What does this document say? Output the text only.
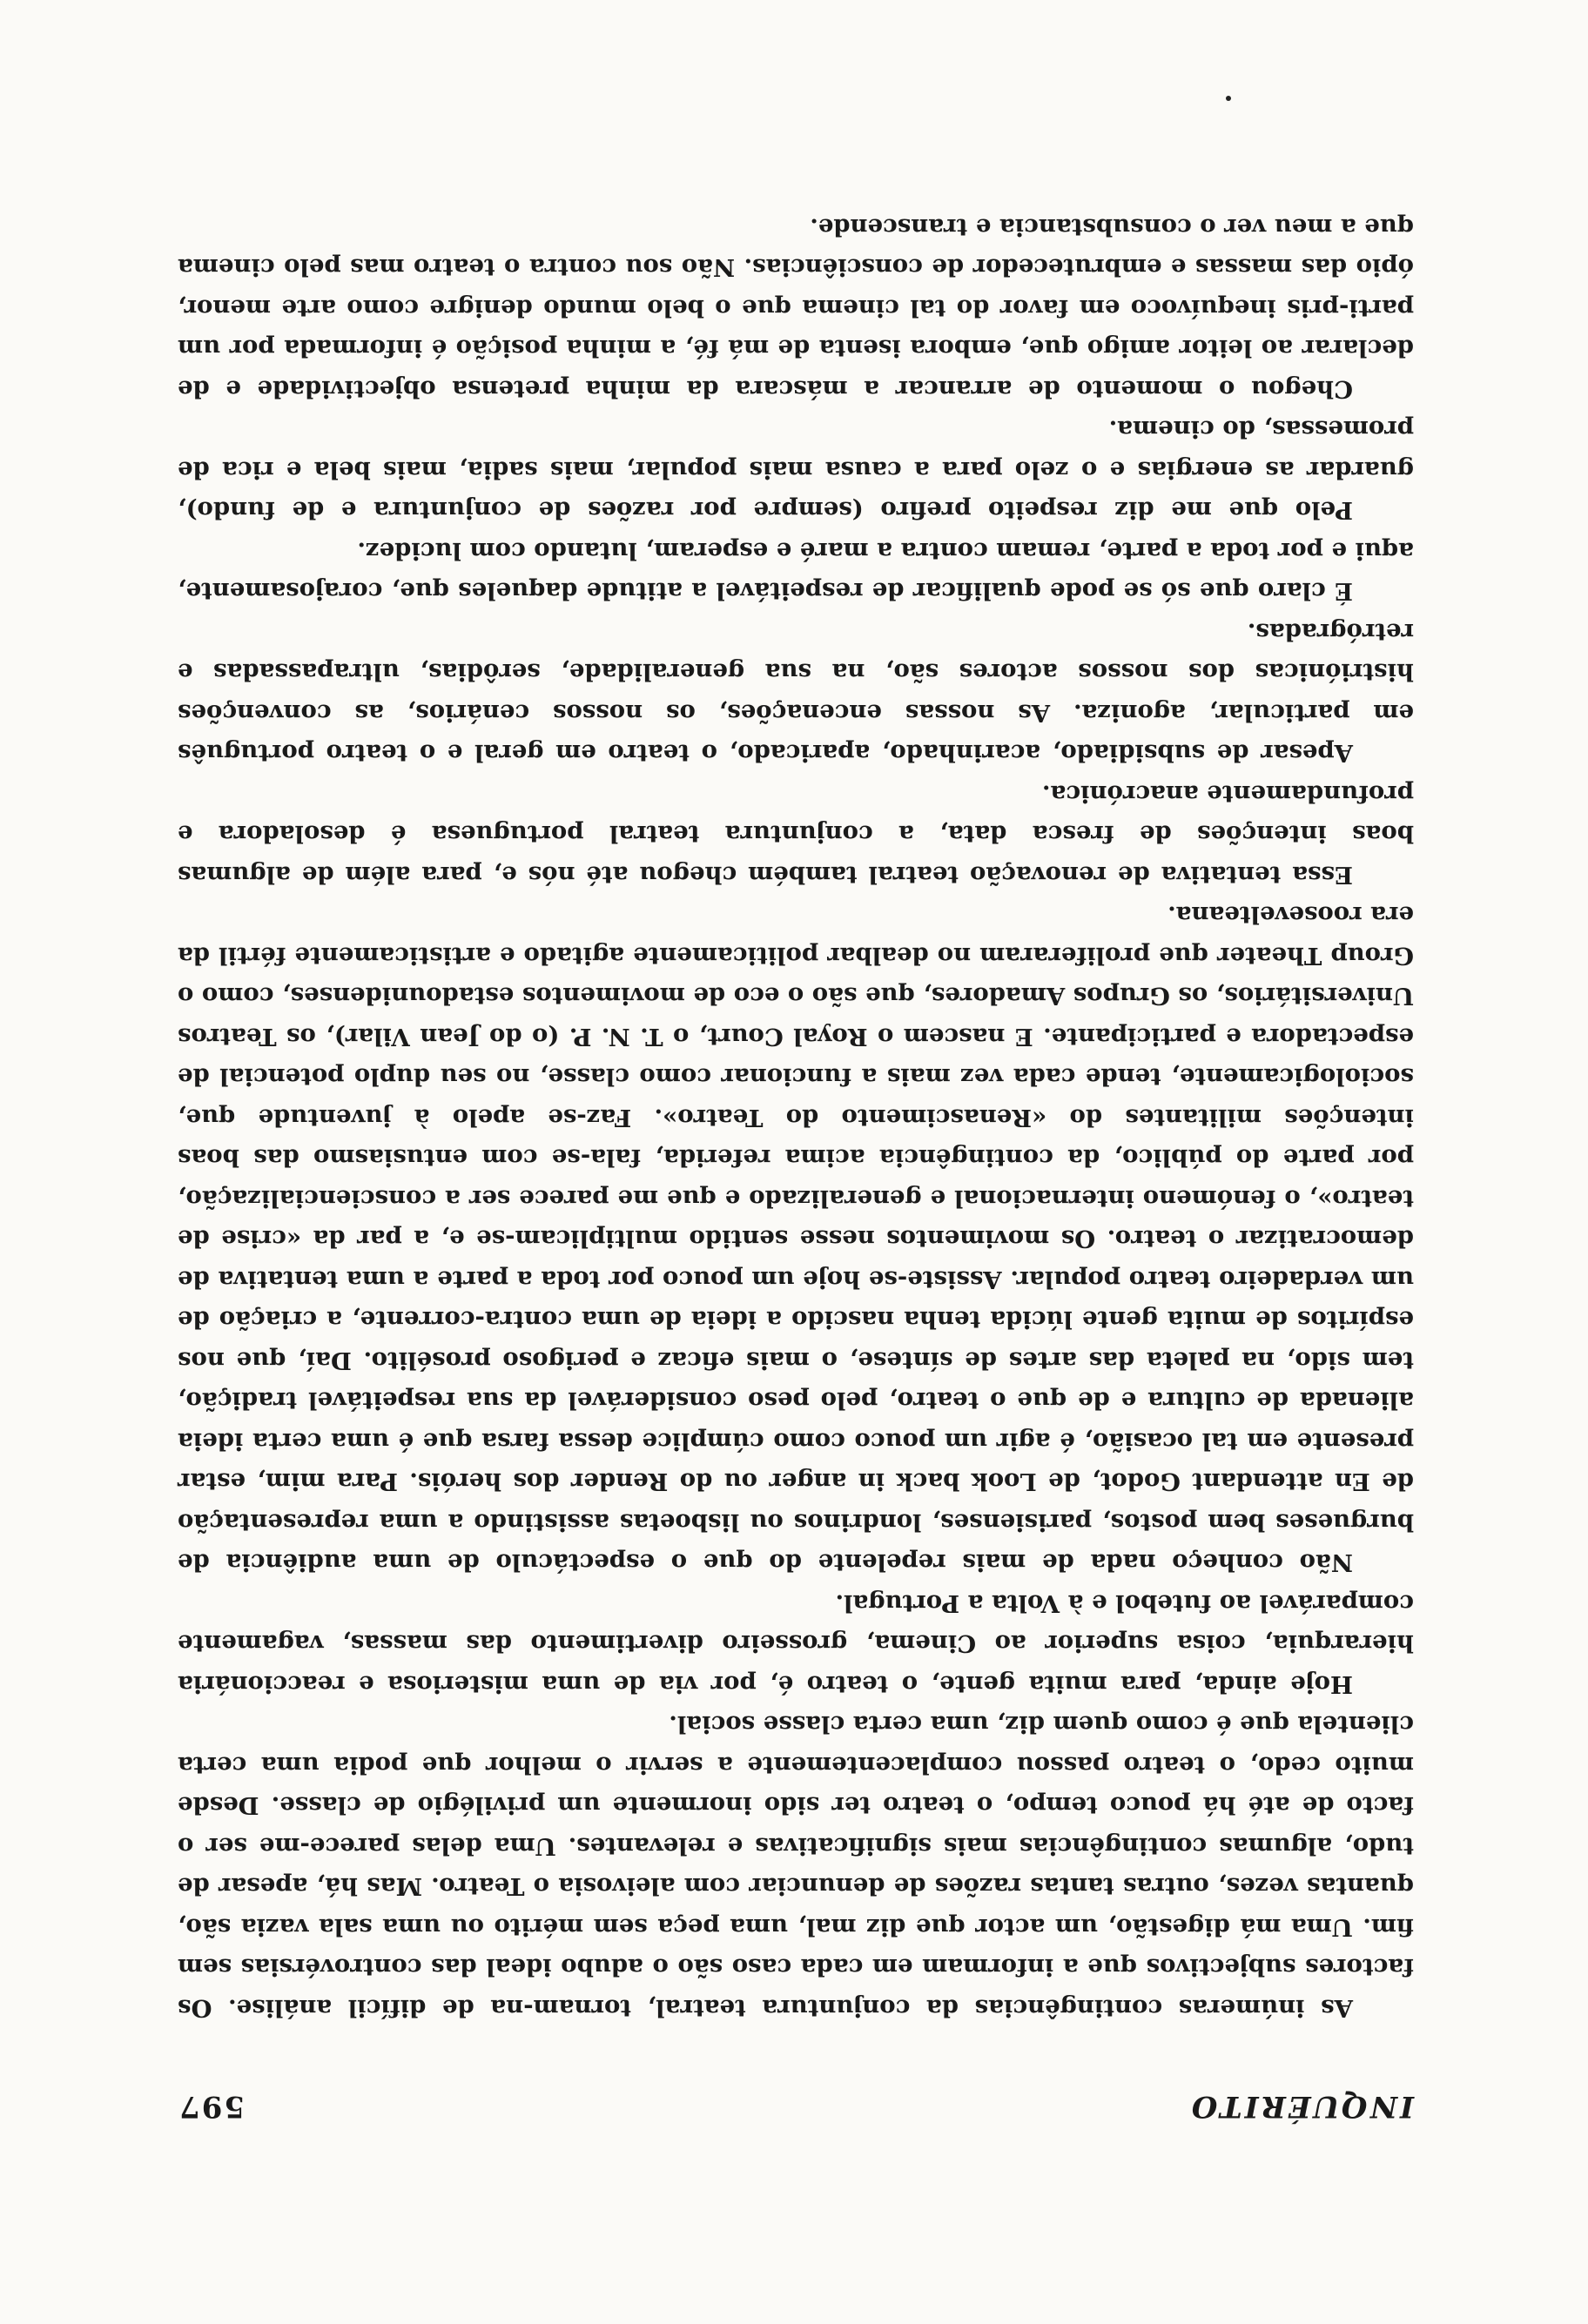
INQUÉRITO
597

As inúmeras contingências da conjuntura teatral, tornam-na de difícil análise. Os factores subjectivos que a informam em cada caso são o adubo ideal das controvérsias sem fim. Uma má digestão, um actor que diz mal, uma peça sem mérito ou uma sala vazia são, quantas vezes, outras tantas razões de denunciar com aleivosia o Teatro. Mas há, apesar de tudo, algumas contingências mais significativas e relevantes. Uma delas parece-me ser o facto de até há pouco tempo, o teatro ter sido inormente um privilégio de classe. Desde muito cedo, o teatro passou complacentemente a servir o melhor que podia uma certa clientela que é como quem diz, uma certa classe social.

Hoje ainda, para muita gente, o teatro é, por via de uma misteriosa e reaccionária hierarquia, coisa superior ao Cinema, grosseiro divertimento das massas, vagamente comparável ao futebol e à Volta a Portugal.

Não conheço nada de mais repelente do que o espectáculo de uma audiência de burgueses bem postos, parisienses, londrinos ou lisboetas assistindo a uma representação de En attendant Godot, de Look back in anger ou do Render dos heróis. Para mim, estar presente em tal ocasião, é agir um pouco como cúmplice dessa farsa que é uma certa ideia alienada de cultura e de que o teatro, pelo peso considerável da sua respeitável tradição, tem sido, na paleta das artes de síntese, o mais eficaz e perigoso prosélito. Daí, que nos espíritos de muita gente lúcida tenha nascido a ideia de uma contra-corrente, a criação de um verdadeiro teatro popular. Assiste-se hoje um pouco por toda a parte a uma tentativa de democratizar o teatro. Os movimentos nesse sentido multiplicam-se e, a par da «crise de teatro», o fenómeno internacional e generalizado e que me parece ser a consciencialização, por parte do público, da contingência acima referida, fala-se com entusiasmo das boas intenções militantes do «Renascimento do Teatro». Faz-se apelo à juventude que, sociologicamente, tende cada vez mais a funcionar como classe, no seu duplo potencial de espectadora e participante. E nascem o Royal Court, o T. N. P. (o do Jean Vilar), os Teatros Universitários, os Grupos Amadores, que são o eco de movimentos estadounidenses, como o Group Theater que proliferaram no dealbar politicamente agitado e artisticamente fértil da era roosevelteana.

Essa tentativa de renovação teatral também chegou até nós e, para além de algumas boas intenções de fresca data, a conjuntura teatral portuguesa é desoladora e profundamente anacrónica.

Apesar de subsidiado, acarinhado, aparicado, o teatro em geral e o teatro português em particular, agoniza. As nossas encenações, os nossos cenários, as convenções histriónicas dos nossos actores são, na sua generalidade, serôdias, ultrapassadas e retrógradas.

É claro que só se pode qualificar de respeitável a atitude daqueles que, corajosamente, aqui e por toda a parte, remam contra a maré e esperam, lutando com lucidez.

Pelo que me diz respeito prefiro (sempre por razões de conjuntura e de fundo), guardar as energias e o zelo para a causa mais popular, mais sadia, mais bela e rica de promessas, do cinema.

Chegou o momento de arrancar a máscara da minha pretensa objectividade e de declarar ao leitor amigo que, embora isenta de má fé, a minha posição é informada por um parti-pris inequívoco em favor do tal cinema que o belo mundo denigre como arte menor, ópio das massas e embrutecedor de consciências. Não sou contra o teatro mas pelo cinema que a meu ver o consubstancia e transcende.
